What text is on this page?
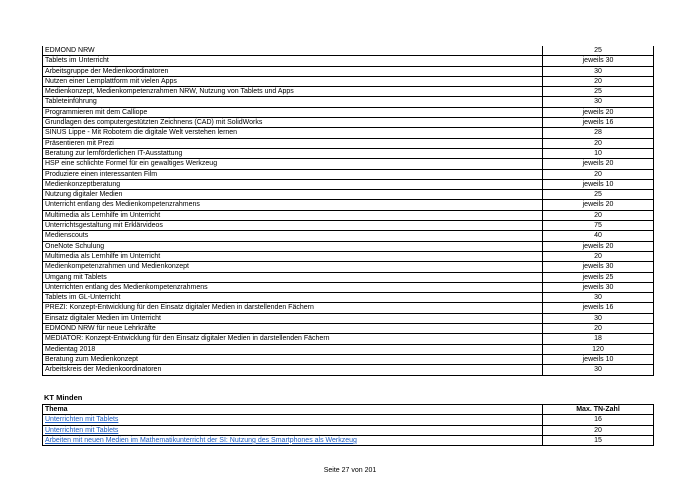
EDMOND NRW	25
Tablets im Unterricht	jeweils 30
Arbeitsgruppe der Medienkoordinatoren	30
Nutzen einer Lernplattform mit vielen Apps	20
Medienkonzept, Medienkompetenzrahmen NRW, Nutzung von Tablets und Apps	25
Tableteinführung	30
Programmieren mit dem Calliope	jeweils 20
Grundlagen des computergestützten Zeichnens (CAD) mit SolidWorks	jeweils 16
SINUS Lippe - Mit Robotern die digitale Welt verstehen lernen	28
Präsentieren mit Prezi	20
Beratung zur lernförderlichen IT-Ausstattung	10
HSP eine schlichte Formel für ein gewaltiges Werkzeug	jeweils 20
Produziere einen interessanten Film	20
Medienkonzeptberatung	jeweils 10
Nutzung digitaler Medien	25
Unterricht entlang des Medienkompetenzrahmens	jeweils 20
Multimedia als Lernhilfe im Unterricht	20
Unterrichtsgestaltung mit Erklärvideos	75
Medienscouts	40
OneNote Schulung	jeweils 20
Multimedia als Lernhilfe im Unterricht	20
Medienkompetenzrahmen und Medienkonzept	jeweils 30
Umgang mit Tablets	jeweils 25
Unterrichten entlang des Medienkompetenzrahmens	jeweils 30
Tablets im GL-Unterricht	30
PREZI: Konzept-Entwicklung für den Einsatz digitaler Medien in darstellenden Fächern	jeweils 16
Einsatz digitaler Medien im Unterricht	30
EDMOND NRW für neue Lehrkräfte	20
MEDIATOR: Konzept-Entwicklung für den Einsatz digitaler Medien in darstellenden Fächern	18
Medientag 2018	120
Beratung zum Medienkonzept	jeweils 10
Arbeitskreis der Medienkoordinatoren	30
KT Minden
Thema	Max. TN-Zahl
Unterrichten mit Tablets	16
Unterrichten mit Tablets	20
Arbeiten mit neuen Medien im Mathematikunterricht der SI: Nutzung des Smartphones als Werkzeug	15
Seite 27 von 201
